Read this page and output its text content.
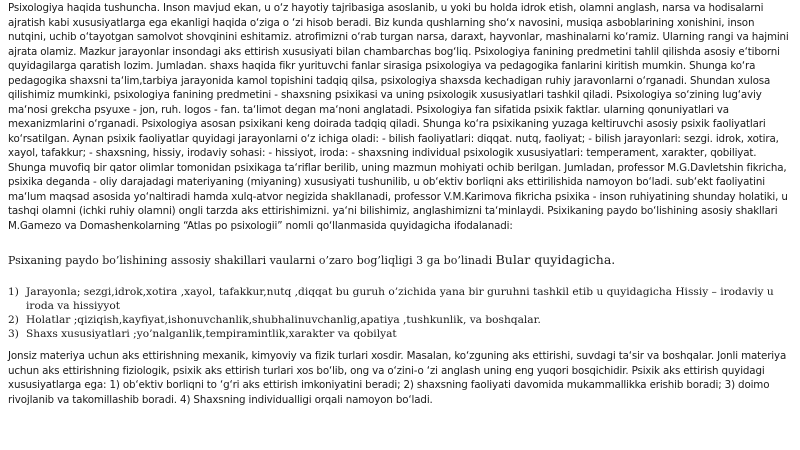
Psixologiya haqida tushuncha. Inson mavjud ekan, u o‘z hayotiy tajribasiga asoslanib, u yoki bu holda idrok etish, olamni anglash, narsa va hodisalarni ajratish kabi xususiyatlarga ega ekanligi haqida o‘ziga o ‘zi hisob beradi. Biz kunda qushlarning sho‘x navosini, musiqa asboblarining xonishini, inson nutqini, uchib o‘tayotgan samolvot shovqinini eshitamiz. atrofimizni o‘rab turgan narsa, daraxt, hayvonlar, mashinalarni ko‘ramiz. Ularning rangi va hajmini ajrata olamiz. Mazkur jarayonlar insondagi aks ettirish xususiyati bilan chambarchas bog‘liq. Psixologiya fanining predmetini tahlil qilishda asosiy e‘tiborni quyidagilarga qaratish lozim. Jumladan. shaxs haqida fikr yurituvchi fanlar sirasiga psixologiya va pedagogika fanlarini kiritish mumkin. Shunga ko‘ra pedagogika shaxsni ta‘lim,tarbiya jarayonida kamol topishini tadqiq qilsa, psixologiya shaxsda kechadigan ruhiy jaravonlarni o‘rganadi. Shundan xulosa qilishimiz mumkinki, psixologiya fanining predmetini - shaxsning psixikasi va uning psixologik xususiyatlari tashkil qiladi. Psixologiya so‘zining lug‘aviy ma‘nosi grekcha psyuxe - jon, ruh. logos - fan. ta‘limot degan ma‘noni anglatadi. Psixologiya fan sifatida psixik faktlar. ularning qonuniyatlari va mexanizmlarini o‘rganadi. Psixologiya asosan psixikani keng doirada tadqiq qiladi. Shunga ko‘ra psixikaning yuzaga keltiruvchi asosiy psixik faoliyatlari ko‘rsatilgan. Aynan psixik faoliyatlar quyidagi jarayonlarni o‘z ichiga oladi: - bilish faoliyatlari: diqqat. nutq, faoliyat; - bilish jarayonlari: sezgi. idrok, xotira, xayol, tafakkur; - shaxsning, hissiy, irodaviy sohasi: - hissiyot, iroda: - shaxsning individual psixologik xususiyatlari: temperament, xarakter, qobiliyat. Shunga muvofiq bir qator olimlar tomonidan psixikaga ta‘riflar berilib, uning mazmun mohiyati ochib berilgan. Jumladan, professor M.G.Davletshin fikricha, psixika deganda - oliy darajadagi materiyaning (miyaning) xususiyati tushunilib, u ob‘ektiv borliqni aks ettirilishida namoyon bo‘ladi. sub‘ekt faoliyatini ma‘lum maqsad asosida yo‘naltiradi hamda xulq-atvor negizida shakllanadi, professor V.M.Karimova fikricha psixika - inson ruhiyatining shunday holatiki, u tashqi olamni (ichki ruhiy olamni) ongli tarzda aks ettirishimizni. ya‘ni bilishimiz, anglashimizni ta‘minlaydi. Psixikaning paydo bo‘lishining asosiy shakllari M.Gamezo va Domashenkolarning “Atlas po psixologii” nomli qo‘llanmasida quyidagicha ifodalanadi:

Psixaning paydo bo’lishining assosiy shakillari vaularni o’zaro bog’liqligi 3 ga bo’linadi Bular quyidagicha.

1) Jarayonla; sezgi,idrok,xotira ,xayol, tafakkur,nutq ,diqqat bu guruh o’zichida yana bir guruhni tashkil etib u quyidagicha Hissiy – irodaviy u iroda va hissiyyot
2) Holatlar ;qiziqish,kayfiyat,ishonuvchanlik,shubhalinuvchanlig,apatiya ,tushkunlik, va boshqalar.
3) Shaxs xususiyatlari ;yo’nalganlik,tempiramintlik,xarakter va qobilyat

Jonsiz materiya uchun aks ettirishning mexanik, kimyoviy va fizik turlari xosdir. Masalan, ko‘zguning aks ettirishi, suvdagi ta‘sir va boshqalar. Jonli materiya uchun aks ettirishning fiziologik, psixik aks ettirish turlari xos bo‘lib, ong va o‘zini-o ‘zi anglash uning eng yuqori bosqichidir. Psixik aks ettirish quyidagi xususiyatlarga ega: 1) ob‘ektiv borliqni to ‘g‘ri aks ettirish imkoniyatini beradi; 2) shaxsning faoliyati davomida mukammallikka erishib boradi; 3) doimo rivojlanib va takomillashib boradi. 4) Shaxsning individualligi orqali namoyon bo‘ladi.
